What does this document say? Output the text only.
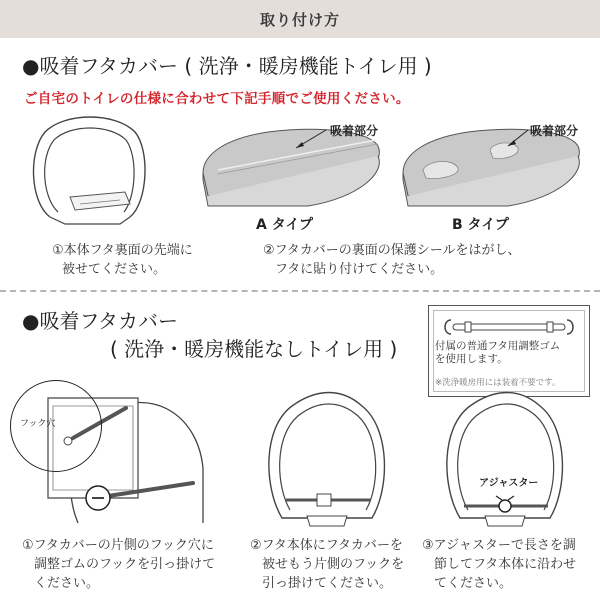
取り付け方
●吸着フタカバー ( 洗浄・暖房機能トイレ用 )
ご自宅のトイレの仕様に合わせて下記手順でご使用ください。
吸着部分	吸着部分
A タイプ	B タイプ
①本体フタ裏面の先端に
被せてください。
②フタカバーの裏面の保護シールをはがし、
フタに貼り付けてください。
●吸着フタカバー
( 洗浄・暖房機能なしトイレ用 )	付属の普通フタ用調整ゴム
を使用します。
※洗浄暖房用には装着不要です。
フック穴
アジャスター
①フタカバーの片側のフック穴に
調整ゴムのフックを引っ掛けて
ください。
②フタ本体にフタカバーを
被せもう片側のフックを
引っ掛けてください。
③アジャスターで長さを調
節してフタ本体に沿わせ
てください。
